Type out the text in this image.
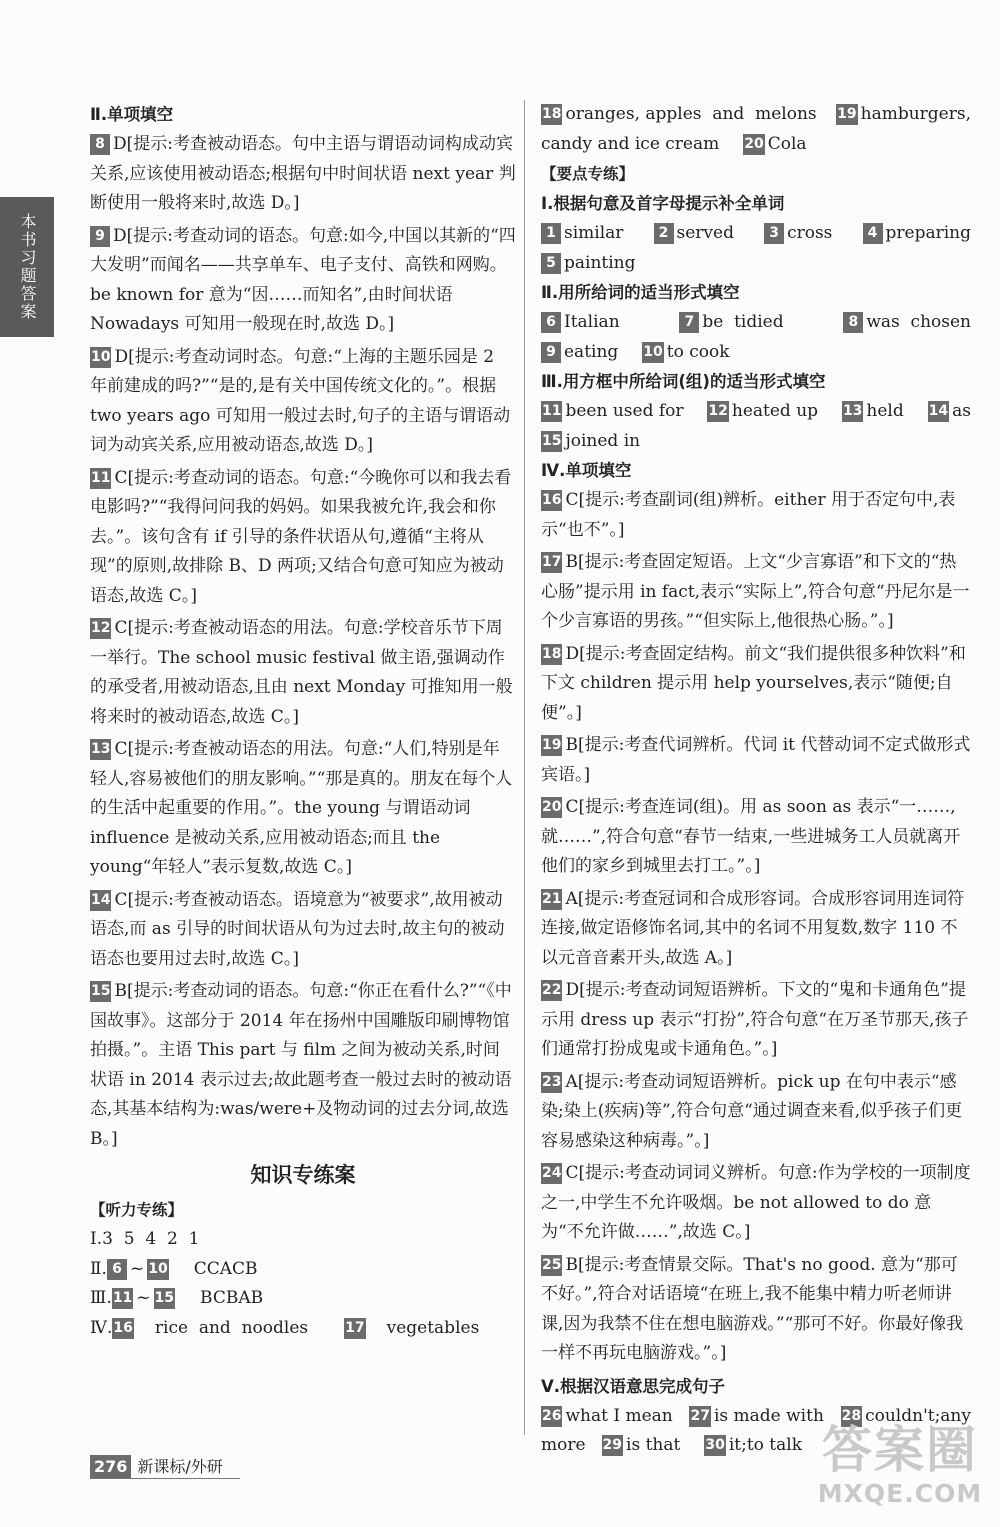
本书习题答案
Ⅱ.单项填空

8 D[提示:考查被动语态。句中主语与谓语动词构成动宾关系,应该使用被动语态;根据句中时间状语 next year 判断使用一般将来时,故选 D。]

9 D[提示:考查动词的语态。句意:如今,中国以其新的“四大发明”而闻名——共享单车、电子支付、高铁和网购。be known for 意为“因……而知名”,由时间状语 Nowadays 可知用一般现在时,故选 D。]

10 D[提示:考查动词时态。句意:“上海的主题乐园是 2 年前建成的吗?”“是的,是有关中国传统文化的。”。根据 two years ago 可知用一般过去时,句子的主语与谓语动词为动宾关系,应用被动语态,故选 D。]

11 C[提示:考查动词的语态。句意:“今晚你可以和我去看电影吗?”“我得问问我的妈妈。如果我被允许,我会和你去。”。该句含有 if 引导的条件状语从句,遵循“主将从现”的原则,故排除 B、D 两项;又结合句意可知应为被动语态,故选 C。]

12 C[提示:考查被动语态的用法。句意:学校音乐节下周一举行。The school music festival 做主语,强调动作的承受者,用被动语态,且由 next Monday 可推知用一般将来时的被动语态,故选 C。]

13 C[提示:考查被动语态的用法。句意:“人们,特别是年轻人,容易被他们的朋友影响。”“那是真的。朋友在每个人的生活中起重要的作用。”。the young 与谓语动词 influence 是被动关系,应用被动语态;而且 the young“年轻人”表示复数,故选 C。]

14 C[提示:考查被动语态。语境意为“被要求”,故用被动语态,而 as 引导的时间状语从句为过去时,故主句的被动语态也要用过去时,故选 C。]

15 B[提示:考查动词的语态。句意:“你正在看什么?”“《中国故事》。这部分于 2014 年在扬州中国雕版印刷博物馆拍摄。”。主语 This part 与 film 之间为被动关系,时间状语 in 2014 表示过去;故此题考查一般过去时的被动语态,其基本结构为:was/were+及物动词的过去分词,故选 B。]

知识专练案
【听力专练】
Ⅰ.3  5  4  2  1
Ⅱ. 6 ~ 10 CCACB
Ⅲ.11 ~ 15 BCBAB
Ⅳ.16 rice  and  noodles	17 vegetables
18 oranges, apples  and  melons 19 hamburgers,
candy and ice cream 20 Cola
【要点专练】
Ⅰ.根据句意及首字母提示补全单词
1 similar	2 served	3 cross	4 preparing
5 painting
Ⅱ.用所给词的适当形式填空
6 Italian	7 be  tidied	8 was  chosen
9 eating 10 to cook
Ⅲ.用方框中所给词(组)的适当形式填空
11 been used for 12 heated up 13 held 14 as
15 joined in
Ⅳ.单项填空

16 C[提示:考查副词(组)辨析。either 用于否定句中,表示“也不”。]

17 B[提示:考查固定短语。上文“少言寡语”和下文的“热心肠”提示用 in fact,表示“实际上”,符合句意“丹尼尔是一个少言寡语的男孩。”“但实际上,他很热心肠。”。]

18 D[提示:考查固定结构。前文“我们提供很多种饮料”和下文 children 提示用 help yourselves,表示“随便;自便”。]

19 B[提示:考查代词辨析。代词 it 代替动词不定式做形式宾语。]

20 C[提示:考查连词(组)。用 as soon as 表示“一……,就……”,符合句意“春节一结束,一些进城务工人员就离开他们的家乡到城里去打工。”。]

21 A[提示:考查冠词和合成形容词。合成形容词用连词符连接,做定语修饰名词,其中的名词不用复数,数字 110 不以元音音素开头,故选 A。]

22 D[提示:考查动词短语辨析。下文的“鬼和卡通角色”提示用 dress up 表示“打扮”,符合句意“在万圣节那天,孩子们通常打扮成鬼或卡通角色。”。]

23 A[提示:考查动词短语辨析。pick up 在句中表示“感染;染上(疾病)等”,符合句意“通过调查来看,似乎孩子们更容易感染这种病毒。”。]

24 C[提示:考查动词词义辨析。句意:作为学校的一项制度之一,中学生不允许吸烟。be not allowed to do 意为“不允许做……”,故选 C。]

25 B[提示:考查情景交际。That's no good. 意为“那可不好。”,符合对话语境“在班上,我不能集中精力听老师讲课,因为我禁不住在想电脑游戏。”“那可不好。你最好像我一样不再玩电脑游戏。”。]

Ⅴ.根据汉语意思完成句子
26 what I mean 27 is made with 28 couldn't;any
more 29 is that 30 it;to talk
276 新课标/外研	答案圈
MXQE.COM
